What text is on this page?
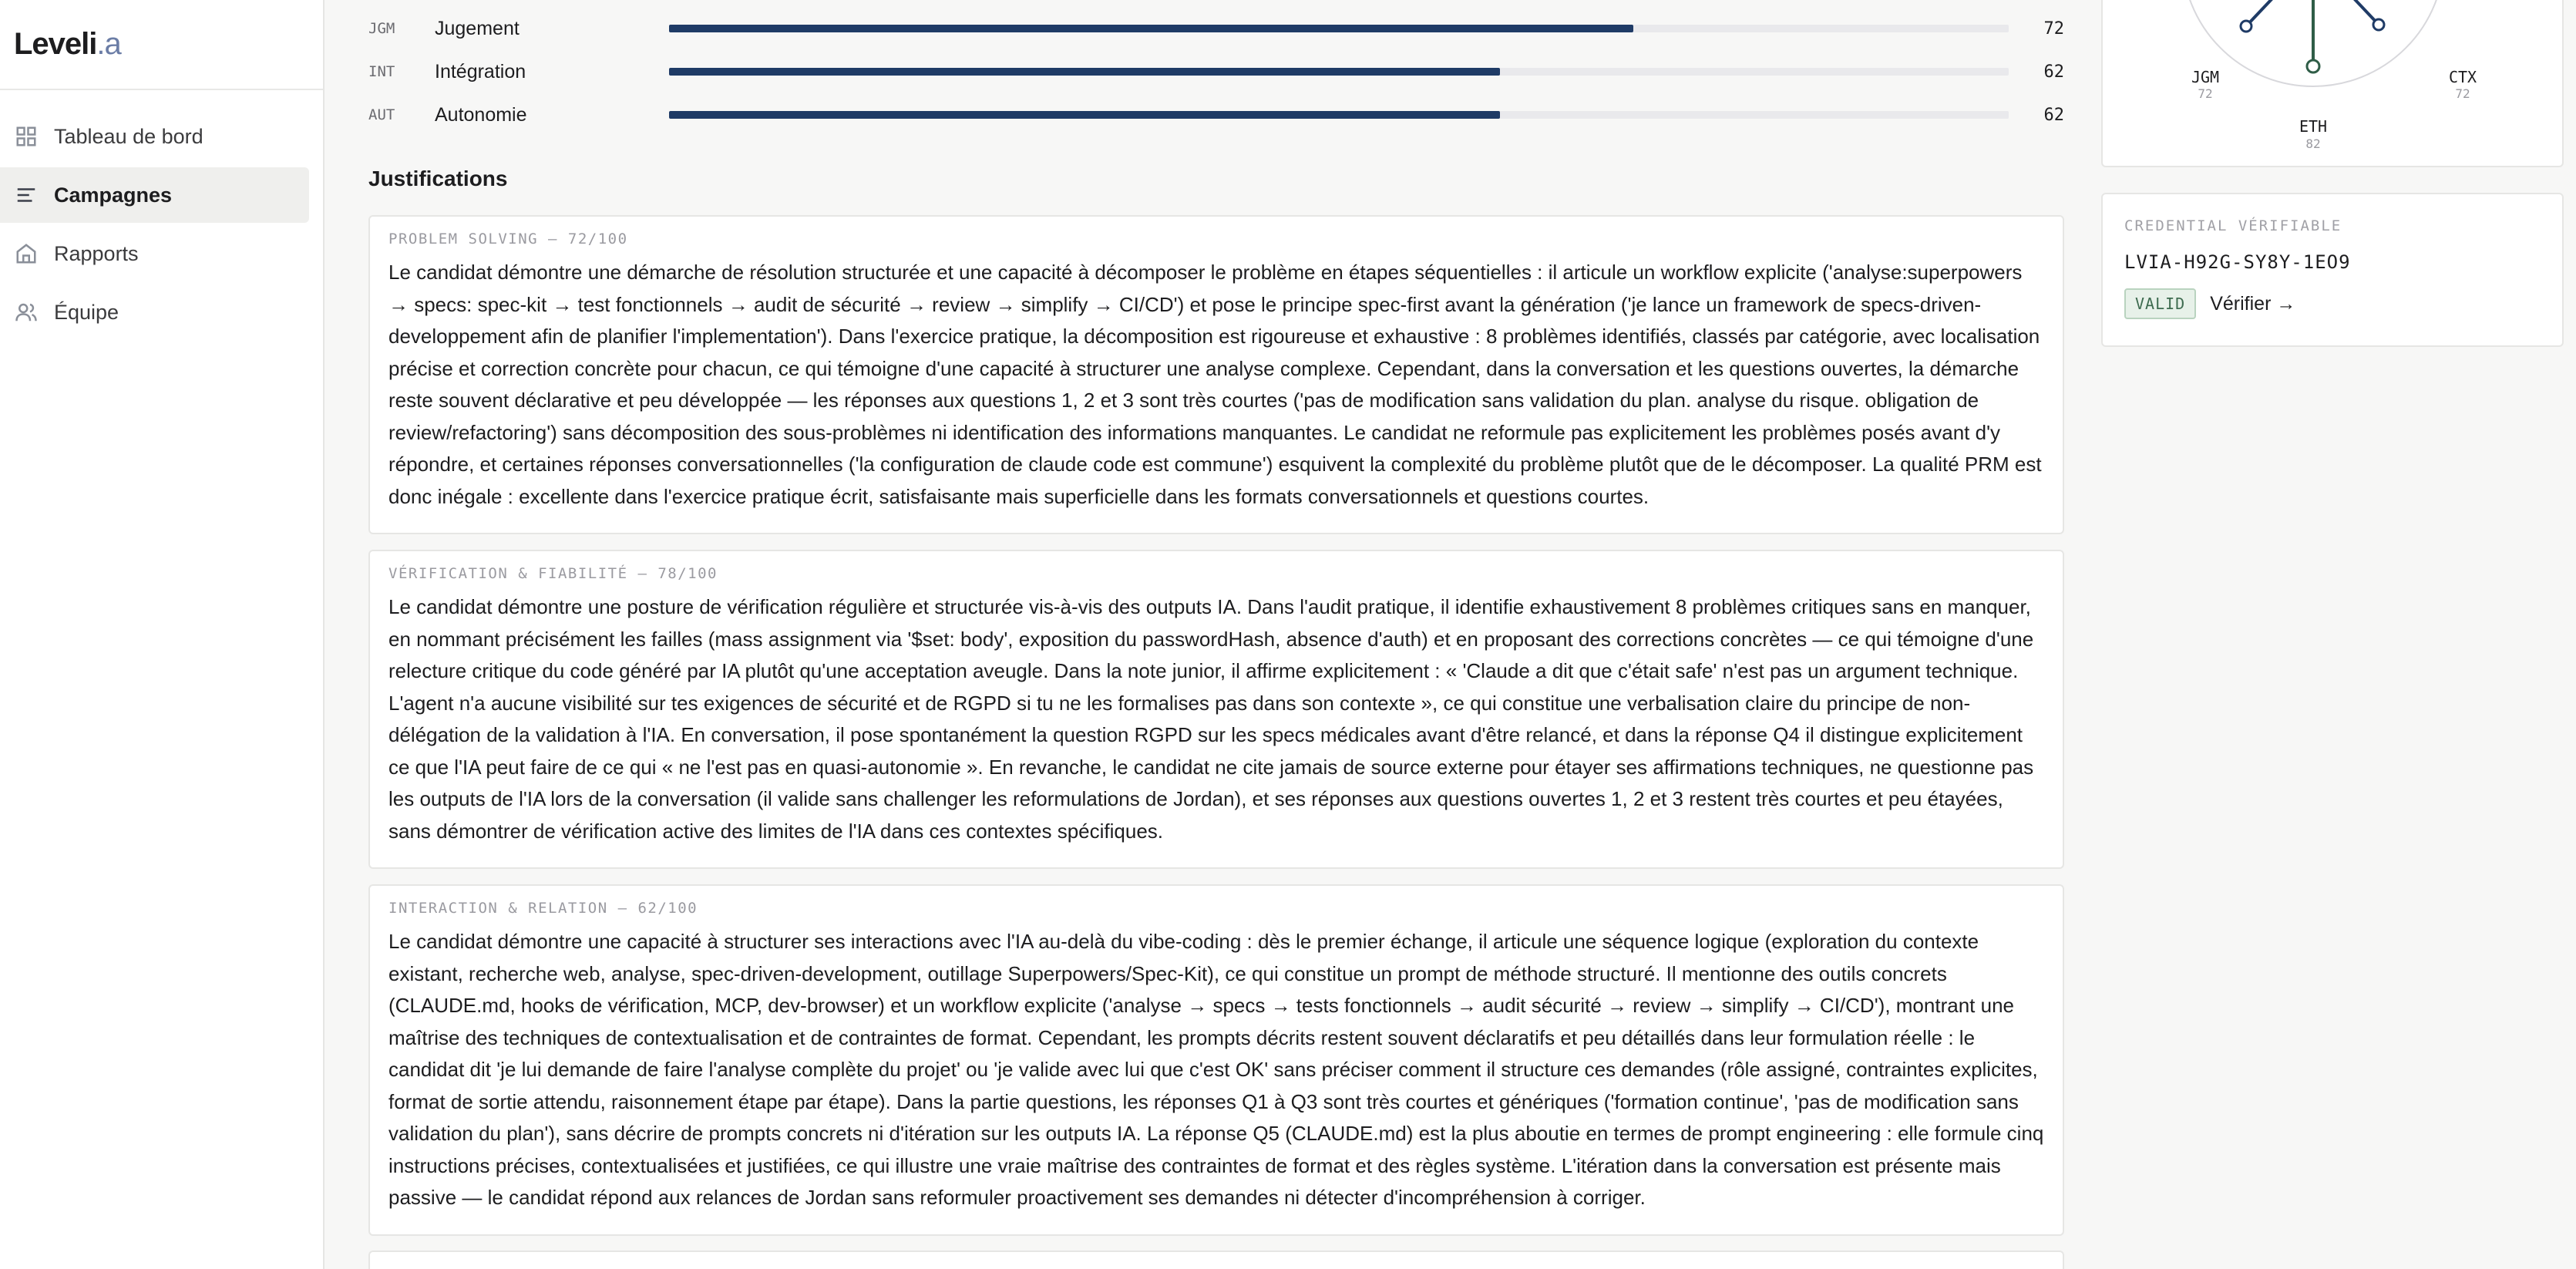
Leveli.a
Tableau de bord
Campagnes
Rapports
Équipe
JGM	Jugement	72
INT	Intégration	62
AUT	Autonomie	62
Justifications
PROBLEM SOLVING — 72/100

Le candidat démontre une démarche de résolution structurée et une capacité à décomposer le problème en étapes séquentielles : il articule un workflow explicite ('analyse:superpowers → specs: spec-kit → test fonctionnels → audit de sécurité → review → simplify → CI/CD') et pose le principe spec-first avant la génération ('je lance un framework de specs-driven-developpement afin de planifier l'implementation'). Dans l'exercice pratique, la décomposition est rigoureuse et exhaustive : 8 problèmes identifiés, classés par catégorie, avec localisation précise et correction concrète pour chacun, ce qui témoigne d'une capacité à structurer une analyse complexe. Cependant, dans la conversation et les questions ouvertes, la démarche reste souvent déclarative et peu développée — les réponses aux questions 1, 2 et 3 sont très courtes ('pas de modification sans validation du plan. analyse du risque. obligation de review/refactoring') sans décomposition des sous-problèmes ni identification des informations manquantes. Le candidat ne reformule pas explicitement les problèmes posés avant d'y répondre, et certaines réponses conversationnelles ('la configuration de claude code est commune') esquivent la complexité du problème plutôt que de le décomposer. La qualité PRM est donc inégale : excellente dans l'exercice pratique écrit, satisfaisante mais superficielle dans les formats conversationnels et questions courtes.

VÉRIFICATION & FIABILITÉ — 78/100

Le candidat démontre une posture de vérification régulière et structurée vis-à-vis des outputs IA. Dans l'audit pratique, il identifie exhaustivement 8 problèmes critiques sans en manquer, en nommant précisément les failles (mass assignment via '$set: body', exposition du passwordHash, absence d'auth) et en proposant des corrections concrètes — ce qui témoigne d'une relecture critique du code généré par IA plutôt qu'une acceptation aveugle. Dans la note junior, il affirme explicitement : « 'Claude a dit que c'était safe' n'est pas un argument technique. L'agent n'a aucune visibilité sur tes exigences de sécurité et de RGPD si tu ne les formalises pas dans son contexte », ce qui constitue une verbalisation claire du principe de non-délégation de la validation à l'IA. En conversation, il pose spontanément la question RGPD sur les specs médicales avant d'être relancé, et dans la réponse Q4 il distingue explicitement ce que l'IA peut faire de ce qui « ne l'est pas en quasi-autonomie ». En revanche, le candidat ne cite jamais de source externe pour étayer ses affirmations techniques, ne questionne pas les outputs de l'IA lors de la conversation (il valide sans challenger les reformulations de Jordan), et ses réponses aux questions ouvertes 1, 2 et 3 restent très courtes et peu étayées, sans démontrer de vérification active des limites de l'IA dans ces contextes spécifiques.

INTERACTION & RELATION — 62/100

Le candidat démontre une capacité à structurer ses interactions avec l'IA au-delà du vibe-coding : dès le premier échange, il articule une séquence logique (exploration du contexte existant, recherche web, analyse, spec-driven-development, outillage Superpowers/Spec-Kit), ce qui constitue un prompt de méthode structuré. Il mentionne des outils concrets (CLAUDE.md, hooks de vérification, MCP, dev-browser) et un workflow explicite ('analyse → specs → tests fonctionnels → audit sécurité → review → simplify → CI/CD'), montrant une maîtrise des techniques de contextualisation et de contraintes de format. Cependant, les prompts décrits restent souvent déclaratifs et peu détaillés dans leur formulation réelle : le candidat dit 'je lui demande de faire l'analyse complète du projet' ou 'je valide avec lui que c'est OK' sans préciser comment il structure ces demandes (rôle assigné, contraintes explicites, format de sortie attendu, raisonnement étape par étape). Dans la partie questions, les réponses Q1 à Q3 sont très courtes et génériques ('formation continue', 'pas de modification sans validation du plan'), sans décrire de prompts concrets ni d'itération sur les outputs IA. La réponse Q5 (CLAUDE.md) est la plus aboutie en termes de prompt engineering : elle formule cinq instructions précises, contextualisées et justifiées, ce qui illustre une vraie maîtrise des contraintes de format et des règles système. L'itération dans la conversation est présente mais passive — le candidat répond aux relances de Jordan sans reformuler proactivement ses demandes ni détecter d'incompréhension à corriger.

JGM
72
CTX
72
ETH
82
CREDENTIAL VÉRIFIABLE
LVIA-H92G-SY8Y-1EO9
VALID	Vérifier →
